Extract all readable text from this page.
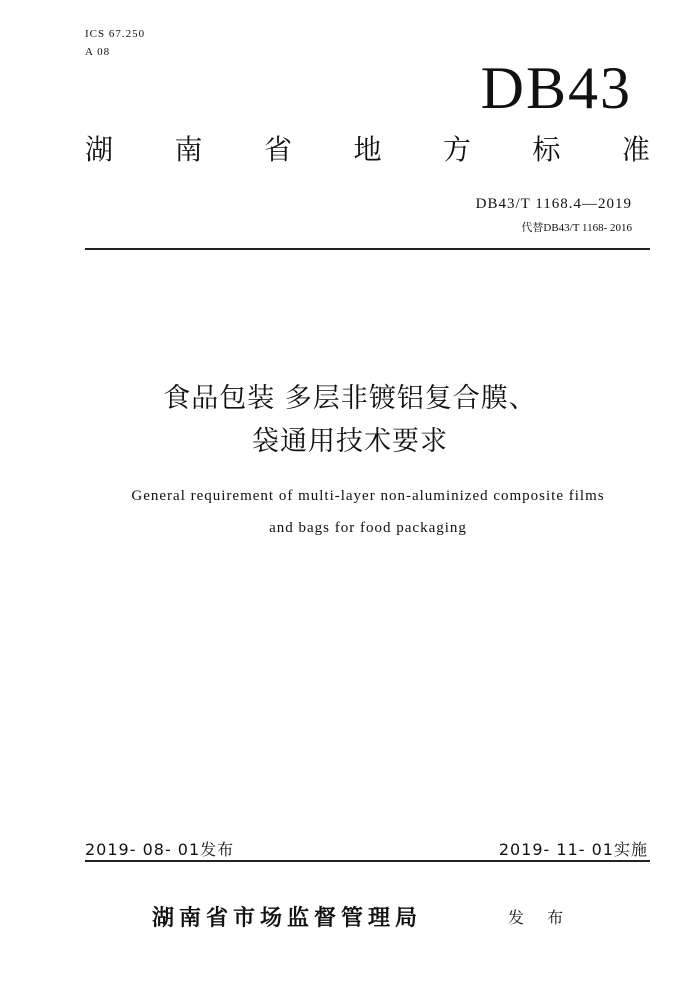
ICS 67.250
A 08
DB43
湖 南 省 地 方 标 准
DB43/T 1168.4—2019
代替DB43/T 1168- 2016
食品包装 多层非镀铝复合膜、
袋通用技术要求
General requirement of multi-layer non-aluminized composite films
and bags for food packaging
2019- 08- 01发布	2019- 11- 01实施
湖南省市场监督管理局	发 布
